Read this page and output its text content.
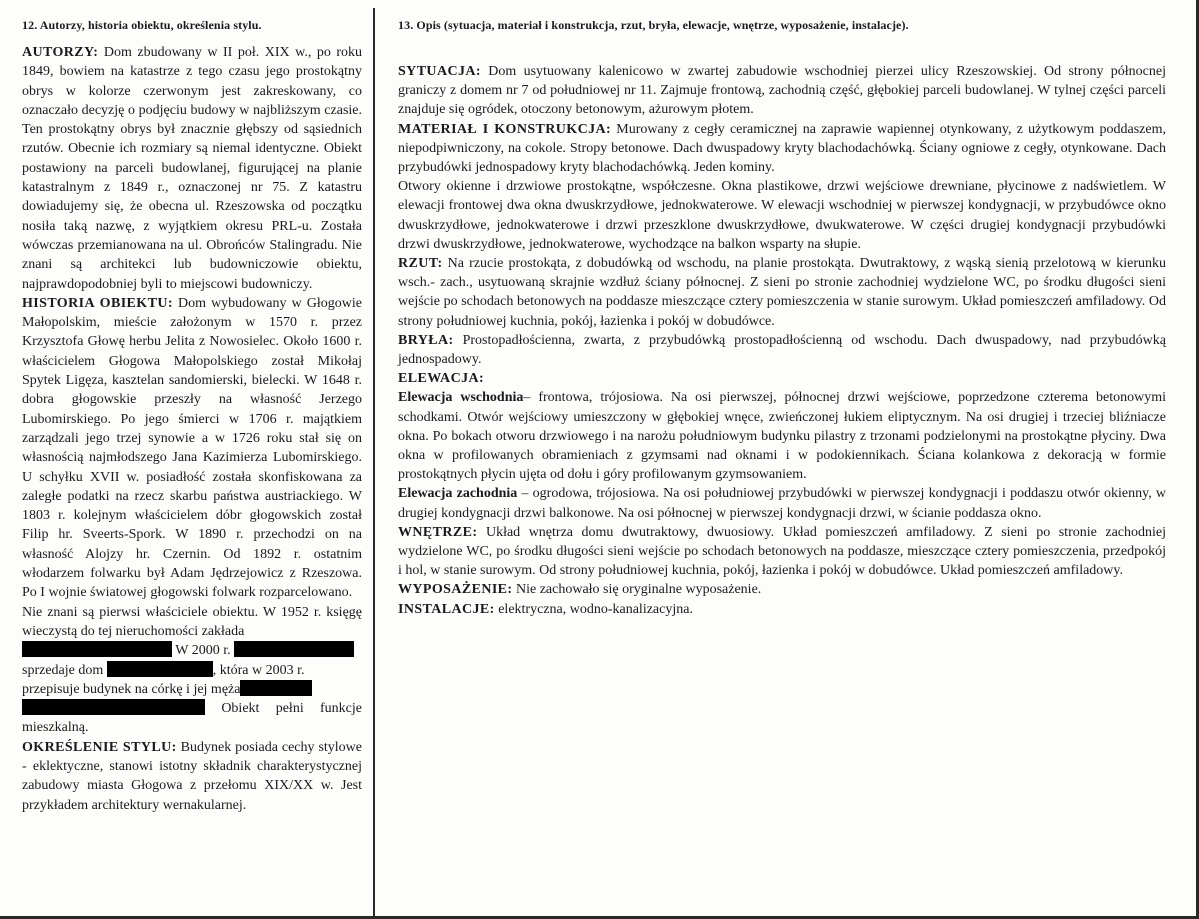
12. Autorzy, historia obiektu, określenia stylu.

AUTORZY: Dom zbudowany w II poł. XIX w., po roku 1849, bowiem na katastrze z tego czasu jego prostokątny obrys w kolorze czerwonym jest zakreskowany, co oznaczało decyzję o podjęciu budowy w najbliższym czasie. Ten prostokątny obrys był znacznie głębszy od sąsiednich rzutów. Obecnie ich rozmiary są niemal identyczne. Obiekt postawiony na parceli budowlanej, figurującej na planie katastralnym z 1849 r., oznaczonej nr 75. Z katastru dowiadujemy się, że obecna ul. Rzeszowska od początku nosiła taką nazwę, z wyjątkiem okresu PRL-u. Została wówczas przemianowana na ul. Obrońców Stalingradu. Nie znani są architekci lub budowniczowie obiektu, najprawdopodobniej byli to miejscowi budowniczy.

HISTORIA OBIEKTU: Dom wybudowany w Głogowie Małopolskim, mieście założonym w 1570 r. przez Krzysztofa Głowę herbu Jelita z Nowosielec. Około 1600 r. właścicielem Głogowa Małopolskiego został Mikołaj Spytek Ligęza, kasztelan sandomierski, bielecki. W 1648 r. dobra głogowskie przeszły na własność Jerzego Lubomirskiego. Po jego śmierci w 1706 r. majątkiem zarządzali jego trzej synowie a w 1726 roku stał się on własnością najmłodszego Jana Kazimierza Lubomirskiego. U schyłku XVII w. posiadłość została skonfiskowana za zaległe podatki na rzecz skarbu państwa austriackiego. W 1803 r. kolejnym właścicielem dóbr głogowskich został Filip hr. Sveerts-Spork. W 1890 r. przechodzi on na własność Alojzy hr. Czernin. Od 1892 r. ostatnim włodarzem folwarku był Adam Jędrzejowicz z Rzeszowa. Po I wojnie światowej głogowski folwark rozparcelowano.

Nie znani są pierwsi właściciele obiektu. W 1952 r. księgę wieczystą do tej nieruchomości zakłada
W 2000 r.
sprzedaje dom	, która w 2003 r.
przepisuje budynek na córkę i jej męża
Obiekt pełni funkcje mieszkalną.

OKREŚLENIE STYLU: Budynek posiada cechy stylowe - eklektyczne, stanowi istotny składnik charakterystycznej zabudowy miasta Głogowa z przełomu XIX/XX w. Jest przykładem architektury wernakularnej.

13. Opis (sytuacja, materiał i konstrukcja, rzut, bryła, elewacje, wnętrze, wyposażenie, instalacje).

SYTUACJA: Dom usytuowany kalenicowo w zwartej zabudowie wschodniej pierzei ulicy Rzeszowskiej. Od strony północnej graniczy z domem nr 7 od południowej nr 11. Zajmuje frontową, zachodnią część, głębokiej parceli budowlanej. W tylnej części parceli znajduje się ogródek, otoczony betonowym, ażurowym płotem.

MATERIAŁ I KONSTRUKCJA: Murowany z cegły ceramicznej na zaprawie wapiennej otynkowany, z użytkowym poddaszem, niepodpiwniczony, na cokole. Stropy betonowe. Dach dwuspadowy kryty blachodachówką. Ściany ogniowe z cegły, otynkowane. Dach przybudówki jednospadowy kryty blachodachówką. Jeden kominy.

Otwory okienne i drzwiowe prostokątne, współczesne. Okna plastikowe, drzwi wejściowe drewniane, płycinowe z nadświetlem. W elewacji frontowej dwa okna dwuskrzydłowe, jednokwaterowe. W elewacji wschodniej w pierwszej kondygnacji, w przybudówce okno dwuskrzydłowe, jednokwaterowe i drzwi przeszklone dwuskrzydłowe, dwukwaterowe. W części drugiej kondygnacji przybudówki drzwi dwuskrzydłowe, jednokwaterowe, wychodzące na balkon wsparty na słupie.

RZUT: Na rzucie prostokąta, z dobudówką od wschodu, na planie prostokąta. Dwutraktowy, z wąską sienią przelotową w kierunku wsch.- zach., usytuowaną skrajnie wzdłuż ściany północnej. Z sieni po stronie zachodniej wydzielone WC, po środku długości sieni wejście po schodach betonowych na poddasze mieszczące cztery pomieszczenia w stanie surowym. Układ pomieszczeń amfiladowy. Od strony południowej kuchnia, pokój, łazienka i pokój w dobudówce.

BRYŁA: Prostopadłościenna, zwarta, z przybudówką prostopadłościenną od wschodu. Dach dwuspadowy, nad przybudówką jednospadowy.

ELEWACJA:

Elewacja wschodnia– frontowa, trójosiowa. Na osi pierwszej, północnej drzwi wejściowe, poprzedzone czterema betonowymi schodkami. Otwór wejściowy umieszczony w głębokiej wnęce, zwieńczonej łukiem eliptycznym. Na osi drugiej i trzeciej bliźniacze okna. Po bokach otworu drzwiowego i na narożu południowym budynku pilastry z trzonami podzielonymi na prostokątne płyciny. Dwa okna w profilowanych obramieniach z gzymsami nad oknami i w podokiennikach. Ściana kolankowa z dekoracją w formie prostokątnych płycin ujęta od dołu i góry profilowanym gzymsowaniem.

Elewacja zachodnia – ogrodowa, trójosiowa. Na osi południowej przybudówki w pierwszej kondygnacji i poddaszu otwór okienny, w drugiej kondygnacji drzwi balkonowe. Na osi północnej w pierwszej kondygnacji drzwi, w ścianie poddasza okno.

WNĘTRZE: Układ wnętrza domu dwutraktowy, dwuosiowy. Układ pomieszczeń amfiladowy. Z sieni po stronie zachodniej wydzielone WC, po środku długości sieni wejście po schodach betonowych na poddasze, mieszczące cztery pomieszczenia, przedpokój i hol, w stanie surowym. Od strony południowej kuchnia, pokój, łazienka i pokój w dobudówce. Układ pomieszczeń amfiladowy.

WYPOSAŻENIE: Nie zachowało się oryginalne wyposażenie.

INSTALACJE: elektryczna, wodno-kanalizacyjna.
